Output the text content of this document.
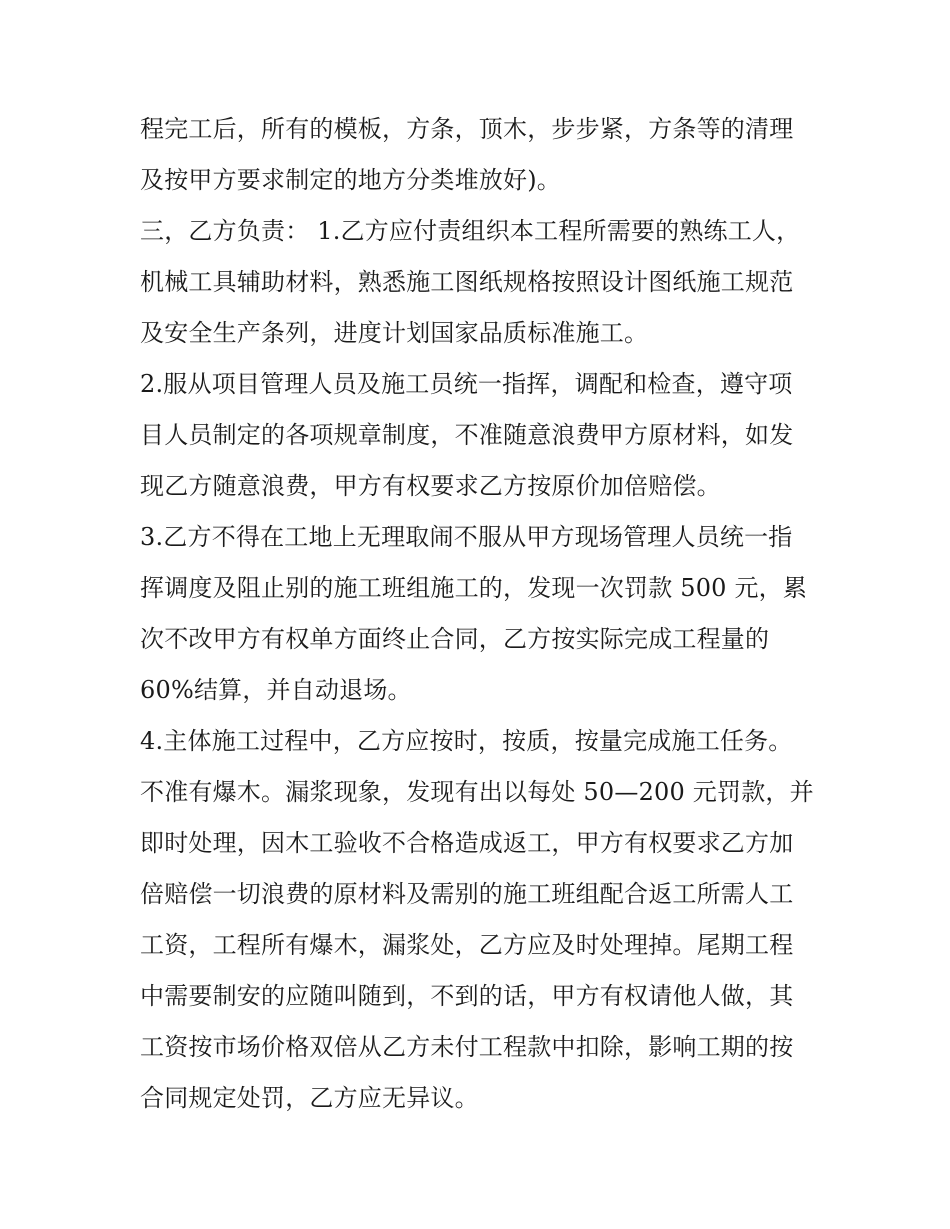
程完工后，所有的模板，方条，顶木，步步紧，方条等的清理
及按甲方要求制定的地方分类堆放好)。
三，乙方负责： 1.乙方应付责组织本工程所需要的熟练工人，
机械工具辅助材料，熟悉施工图纸规格按照设计图纸施工规范
及安全生产条列，进度计划国家品质标准施工。
2.服从项目管理人员及施工员统一指挥，调配和检查，遵守项
目人员制定的各项规章制度，不准随意浪费甲方原材料，如发
现乙方随意浪费，甲方有权要求乙方按原价加倍赔偿。
3.乙方不得在工地上无理取闹不服从甲方现场管理人员统一指
挥调度及阻止别的施工班组施工的，发现一次罚款 500 元，累
次不改甲方有权单方面终止合同，乙方按实际完成工程量的
60%结算，并自动退场。
4.主体施工过程中，乙方应按时，按质，按量完成施工任务。
不准有爆木。漏浆现象，发现有出以每处 50—200 元罚款，并
即时处理，因木工验收不合格造成返工，甲方有权要求乙方加
倍赔偿一切浪费的原材料及需别的施工班组配合返工所需人工
工资，工程所有爆木，漏浆处，乙方应及时处理掉。尾期工程
中需要制安的应随叫随到，不到的话，甲方有权请他人做，其
工资按市场价格双倍从乙方未付工程款中扣除，影响工期的按
合同规定处罚，乙方应无异议。
